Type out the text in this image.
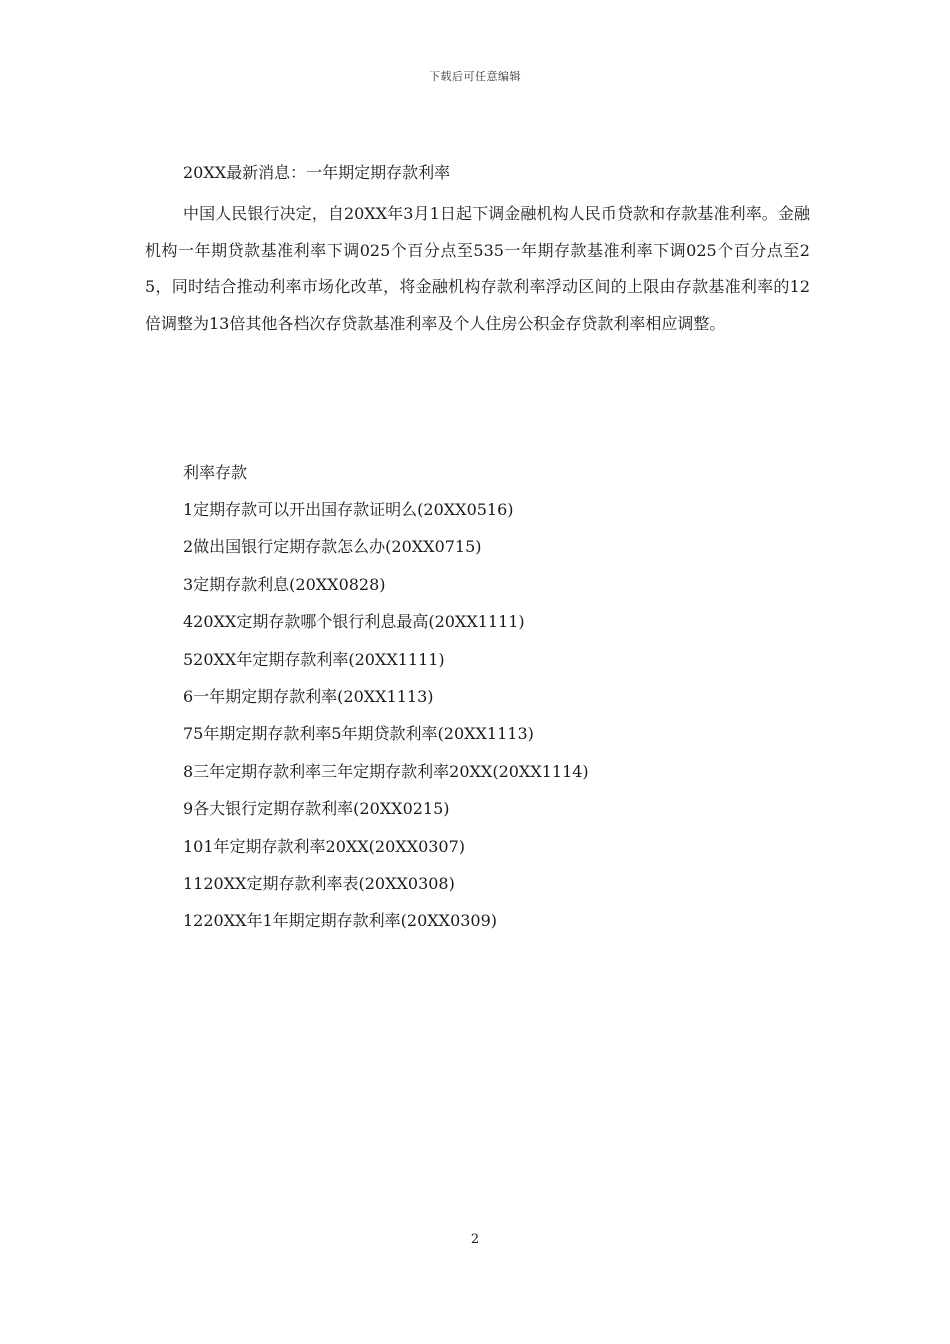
下载后可任意编辑
20XX最新消息：一年期定期存款利率

中国人民银行决定，自20XX年3月1日起下调金融机构人民币贷款和存款基准利率。金融机构一年期贷款基准利率下调025个百分点至535一年期存款基准利率下调025个百分点至25，同时结合推动利率市场化改革，将金融机构存款利率浮动区间的上限由存款基准利率的12倍调整为13倍其他各档次存贷款基准利率及个人住房公积金存贷款利率相应调整。

利率存款
1定期存款可以开出国存款证明么(20XX0516)
2做出国银行定期存款怎么办(20XX0715)
3定期存款利息(20XX0828)
420XX定期存款哪个银行利息最高(20XX1111)
520XX年定期存款利率(20XX1111)
6一年期定期存款利率(20XX1113)
75年期定期存款利率5年期贷款利率(20XX1113)
8三年定期存款利率三年定期存款利率20XX(20XX1114)
9各大银行定期存款利率(20XX0215)
101年定期存款利率20XX(20XX0307)
1120XX定期存款利率表(20XX0308)
1220XX年1年期定期存款利率(20XX0309)
2
